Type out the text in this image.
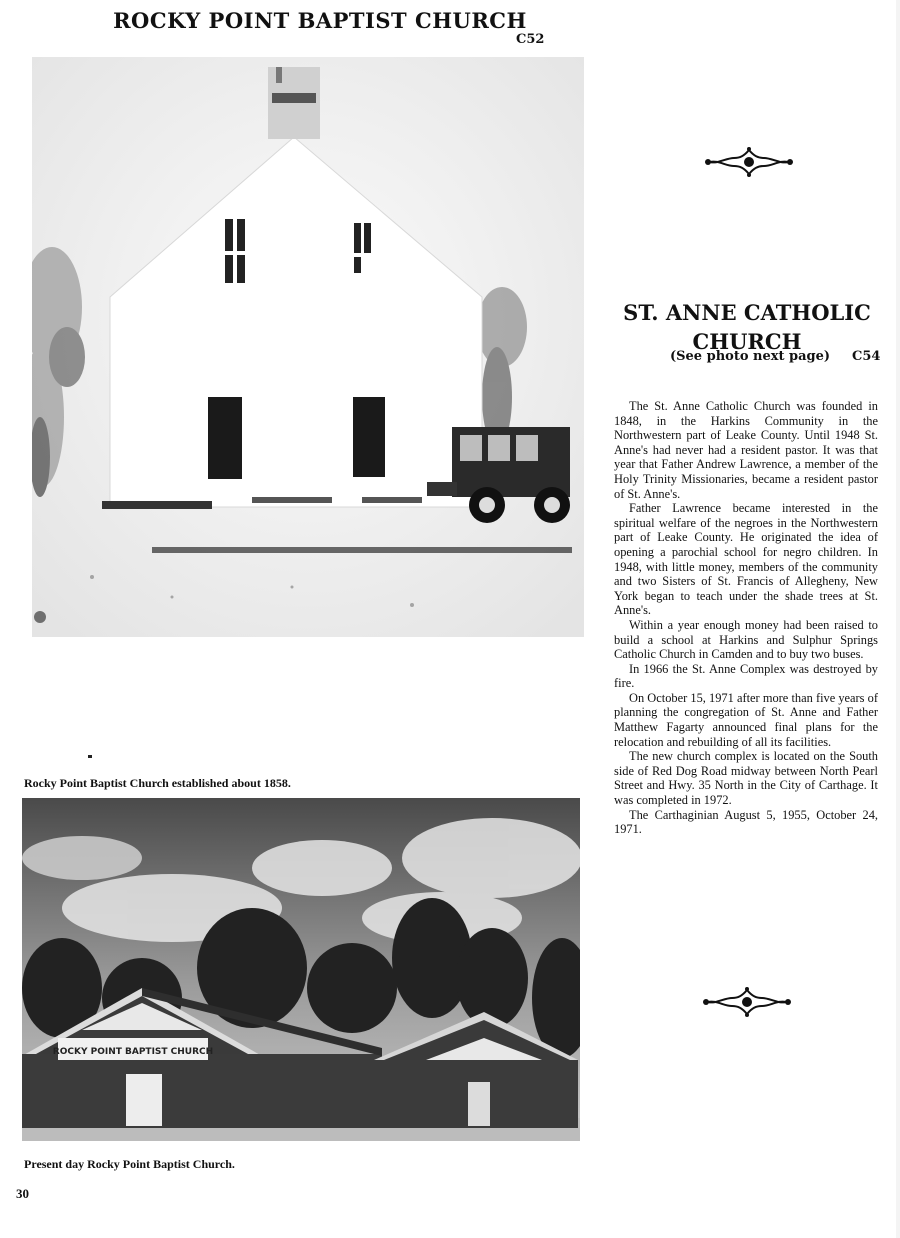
ROCKY POINT BAPTIST CHURCH
C52
Rocky Point Baptist Church established about 1858.
ROCKY POINT BAPTIST CHURCH
Present day Rocky Point Baptist Church.
30
ST. ANNE CATHOLIC
CHURCH
(See photo next page) C54

The St. Anne Catholic Church was founded in 1848, in the Harkins Community in the Northwestern part of Leake County. Until 1948 St. Anne's had never had a resident pastor. It was that year that Father Andrew Lawrence, a member of the Holy Trinity Missionaries, became a resident pastor of St. Anne's.

Father Lawrence became interested in the spiritual welfare of the negroes in the Northwestern part of Leake County. He originated the idea of opening a parochial school for negro children. In 1948, with little money, members of the community and two Sisters of St. Francis of Allegheny, New York began to teach under the shade trees at St. Anne's.

Within a year enough money had been raised to build a school at Harkins and Sulphur Springs Catholic Church in Camden and to buy two buses.

In 1966 the St. Anne Complex was destroyed by fire.

On October 15, 1971 after more than five years of planning the congregation of St. Anne and Father Matthew Fagarty announced final plans for the relocation and rebuilding of all its facilities.

The new church complex is located on the South side of Red Dog Road midway between North Pearl Street and Hwy. 35 North in the City of Carthage. It was completed in 1972.

The Carthaginian August 5, 1955, October 24, 1971.
